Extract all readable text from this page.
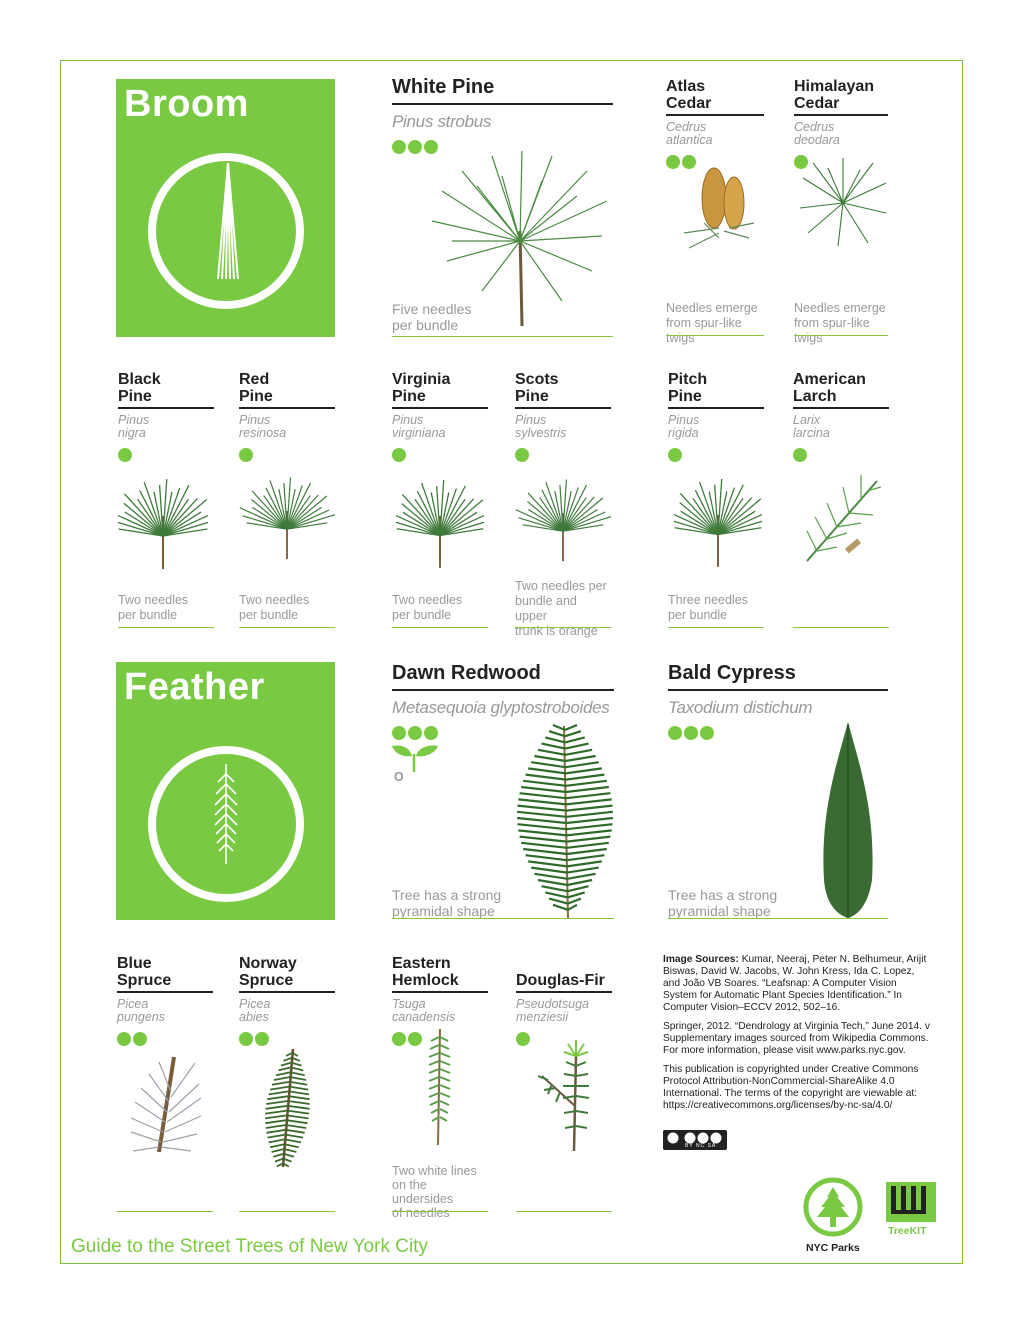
Broom
Feather
White Pine
Pinus strobus
Five needles
per bundle
Atlas
Cedar
Cedrus
atlantica
Needles emerge
from spur-like twigs
Himalayan
Cedar
Cedrus
deodara
Needles emerge
from spur-like twigs
Black
Pine
Pinus
nigra
Two needles
per bundle
Red
Pine
Pinus
resinosa
Two needles
per bundle
Virginia
Pine
Pinus
virginiana
Two needles
per bundle
Scots
Pine
Pinus
sylvestris
Two needles per
bundle and upper
trunk is orange
Pitch
Pine
Pinus
rigida
Three needles
per bundle
American
Larch
Larix
larcina
Dawn Redwood
Metasequoia glyptostroboides
O
Tree has a strong
pyramidal shape
Bald Cypress
Taxodium distichum
Tree has a strong
pyramidal shape
Blue
Spruce
Picea
pungens
Norway
Spruce
Picea
abies
Eastern
Hemlock
Tsuga
canadensis
Two white lines
on the undersides
of needles
Douglas-Fir
Pseudotsuga
menziesii

Image Sources: Kumar, Neeraj, Peter N. Belhumeur, Arijit Biswas, David W. Jacobs, W. John Kress, Ida C. Lopez, and João VB Soares. “Leafsnap: A Computer Vision System for Automatic Plant Species Identification.” In Computer Vision–ECCV 2012, 502–16.

Springer, 2012. “Dendrology at Virginia Tech,” June 2014. v Supplementary images sourced from Wikipedia Commons. For more information, please visit www.parks.nyc.gov.

This publication is copyrighted under Creative Commons Protocol Attribution-NonCommercial-ShareAlike 4.0 International. The terms of the copyright are viewable at: https://creativecommons.org/licenses/by-nc-sa/4.0/

BY NC SA
Guide to the Street Trees of New York City	NYC Parks
TreeKIT
